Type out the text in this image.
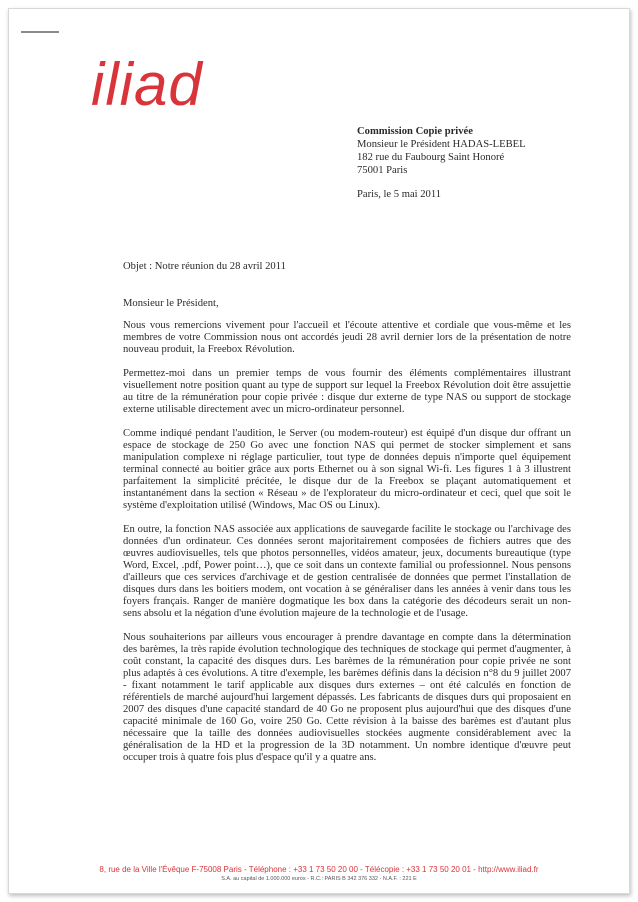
iliad
Commission Copie privée
Monsieur le Président HADAS-LEBEL
182 rue du Faubourg Saint Honoré
75001 Paris
Paris, le 5 mai 2011
Objet : Notre réunion du 28 avril 2011
Monsieur le Président,

Nous vous remercions vivement pour l'accueil et l'écoute attentive et cordiale que vous-même et les membres de votre Commission nous ont accordés jeudi 28 avril dernier lors de la présentation de notre nouveau produit, la Freebox Révolution.

Permettez-moi dans un premier temps de vous fournir des éléments complémentaires illustrant visuellement notre position quant au type de support sur lequel la Freebox Révolution doit être assujettie au titre de la rémunération pour copie privée : disque dur externe de type NAS ou support de stockage externe utilisable directement avec un micro-ordinateur personnel.

Comme indiqué pendant l'audition, le Server (ou modem-routeur) est équipé d'un disque dur offrant un espace de stockage de 250 Go avec une fonction NAS qui permet de stocker simplement et sans manipulation complexe ni réglage particulier, tout type de données depuis n'importe quel équipement terminal connecté au boitier grâce aux ports Ethernet ou à son signal Wi-fi. Les figures 1 à 3 illustrent parfaitement la simplicité précitée, le disque dur de la Freebox se plaçant automatiquement et instantanément dans la section « Réseau » de l'explorateur du micro-ordinateur et ceci, quel que soit le système d'exploitation utilisé (Windows, Mac OS ou Linux).

En outre, la fonction NAS associée aux applications de sauvegarde facilite le stockage ou l'archivage des données d'un ordinateur. Ces données seront majoritairement composées de fichiers autres que des œuvres audiovisuelles, tels que photos personnelles, vidéos amateur, jeux, documents bureautique (type Word, Excel, .pdf, Power point…), que ce soit dans un contexte familial ou professionnel. Nous pensons d'ailleurs que ces services d'archivage et de gestion centralisée de données que permet l'installation de disques durs dans les boitiers modem, ont vocation à se généraliser dans les années à venir dans tous les foyers français. Ranger de manière dogmatique les box dans la catégorie des décodeurs serait un non-sens absolu et la négation d'une évolution majeure de la technologie et de l'usage.

Nous souhaiterions par ailleurs vous encourager à prendre davantage en compte dans la détermination des barèmes, la très rapide évolution technologique des techniques de stockage qui permet d'augmenter, à coût constant, la capacité des disques durs. Les barèmes de la rémunération pour copie privée ne sont plus adaptés à ces évolutions. A titre d'exemple, les barèmes définis dans la décision n°8 du 9 juillet 2007 - fixant notamment le tarif applicable aux disques durs externes – ont été calculés en fonction de référentiels de marché aujourd'hui largement dépassés. Les fabricants de disques durs qui proposaient en 2007 des disques d'une capacité standard de 40 Go ne proposent plus aujourd'hui que des disques d'une capacité minimale de 160 Go, voire 250 Go. Cette révision à la baisse des barèmes est d'autant plus nécessaire que la taille des données audiovisuelles stockées augmente considérablement avec la généralisation de la HD et la progression de la 3D notamment. Un nombre identique d'œuvre peut occuper trois à quatre fois plus d'espace qu'il y a quatre ans.

8, rue de la Ville l'Évêque F-75008 Paris - Téléphone : +33 1 73 50 20 00 - Télécopie : +33 1 73 50 20 01 - http://www.iliad.fr
S.A. au capital de 1.000.000 euros - R.C.: PARIS B 342 376 332 - N.A.F. : 221 E
